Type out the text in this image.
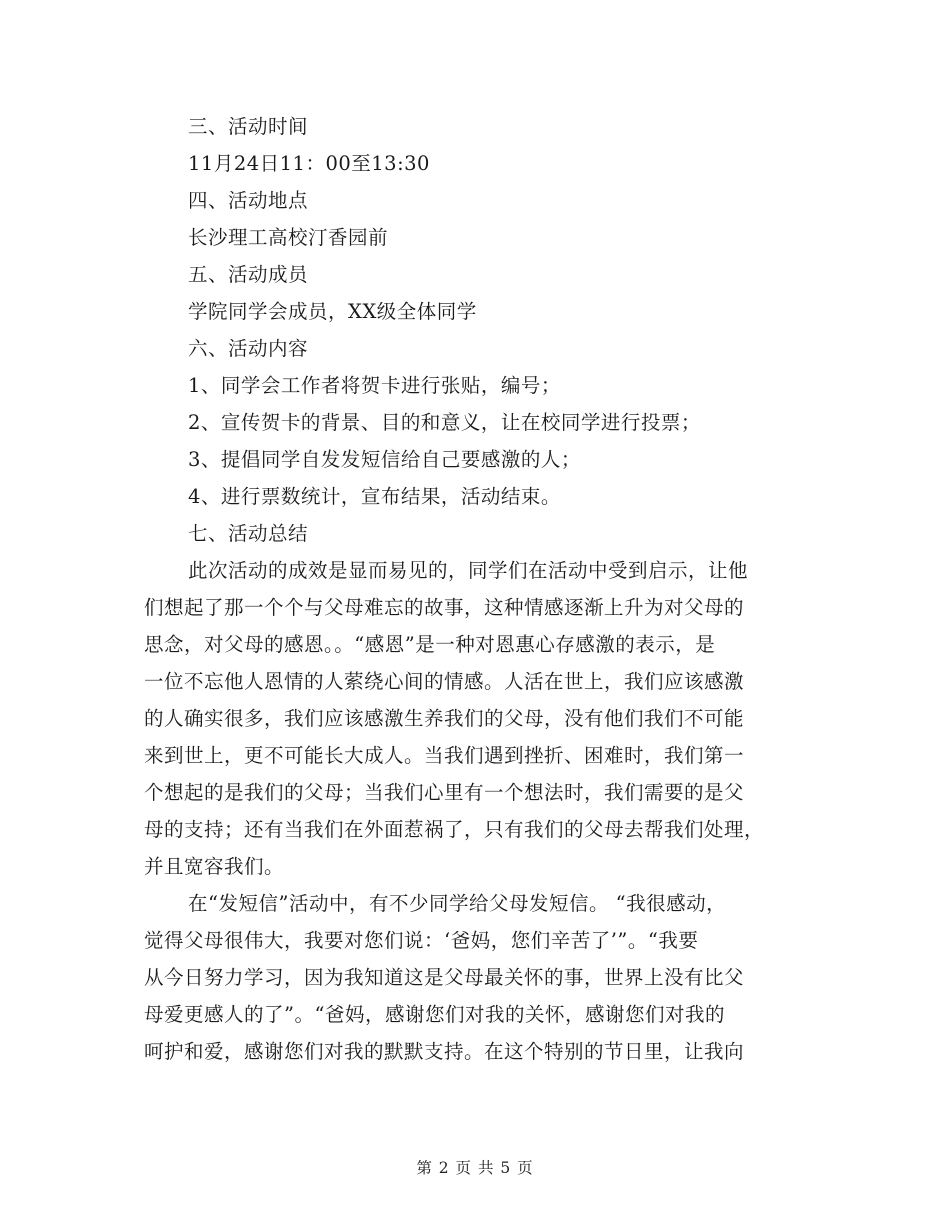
三、活动时间
11月24日11：00至13:30
四、活动地点
长沙理工高校汀香园前
五、活动成员
学院同学会成员，XX级全体同学
六、活动内容
1、同学会工作者将贺卡进行张贴，编号；
2、宣传贺卡的背景、目的和意义，让在校同学进行投票；
3、提倡同学自发发短信给自己要感激的人；
4、进行票数统计，宣布结果，活动结束。
七、活动总结
此次活动的成效是显而易见的，同学们在活动中受到启示，让他
们想起了那一个个与父母难忘的故事，这种情感逐渐上升为对父母的
思念，对父母的感恩。。“感恩”是一种对恩惠心存感激的表示，是
一位不忘他人恩情的人萦绕心间的情感。人活在世上，我们应该感激
的人确实很多，我们应该感激生养我们的父母，没有他们我们不可能
来到世上，更不可能长大成人。当我们遇到挫折、困难时，我们第一
个想起的是我们的父母；当我们心里有一个想法时，我们需要的是父
母的支持；还有当我们在外面惹祸了，只有我们的父母去帮我们处理，
并且宽容我们。
在“发短信”活动中，有不少同学给父母发短信。 “我很感动，
觉得父母很伟大，我要对您们说：‘爸妈，您们辛苦了’”。“我要
从今日努力学习，因为我知道这是父母最关怀的事，世界上没有比父
母爱更感人的了”。“爸妈，感谢您们对我的关怀，感谢您们对我的
呵护和爱，感谢您们对我的默默支持。在这个特别的节日里，让我向
第 2 页 共 5 页
